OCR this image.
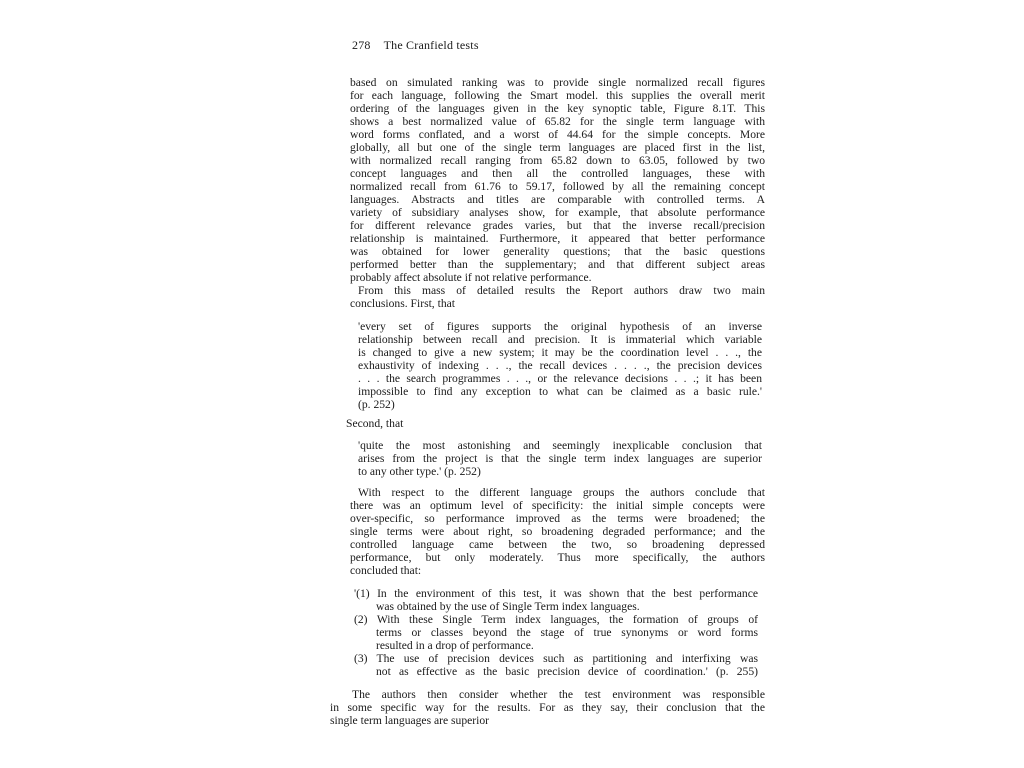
278 The Cranfield tests
based on simulated ranking was to provide single normalized recall figures
for each language, following the Smart model. this supplies the overall merit
ordering of the languages given in the key synoptic table, Figure 8.1T. This
shows a best normalized value of 65.82 for the single term language with
word forms conflated, and a worst of 44.64 for the simple concepts. More
globally, all but one of the single term languages are placed first in the list,
with normalized recall ranging from 65.82 down to 63.05, followed by two
concept languages and then all the controlled languages, these with
normalized recall from 61.76 to 59.17, followed by all the remaining concept
languages. Abstracts and titles are comparable with controlled terms. A
variety of subsidiary analyses show, for example, that absolute performance
for different relevance grades varies, but that the inverse recall/precision
relationship is maintained. Furthermore, it appeared that better performance
was obtained for lower generality questions; that the basic questions
performed better than the supplementary; and that different subject areas
probably affect absolute if not relative performance.
From this mass of detailed results the Report authors draw two main
conclusions. First, that
'every set of figures supports the original hypothesis of an inverse
relationship between recall and precision. It is immaterial which variable
is changed to give a new system; it may be the coordination level . . ., the
exhaustivity of indexing . . ., the recall devices . . . ., the precision devices
. . . the search programmes . . ., or the relevance decisions . . .; it has been
impossible to find any exception to what can be claimed as a basic rule.'
(p. 252)
Second, that
'quite the most astonishing and seemingly inexplicable conclusion that
arises from the project is that the single term index languages are superior
to any other type.' (p. 252)
With respect to the different language groups the authors conclude that
there was an optimum level of specificity: the initial simple concepts were
over-specific, so performance improved as the terms were broadened; the
single terms were about right, so broadening degraded performance; and the
controlled language came between the two, so broadening depressed
performance, but only moderately. Thus more specifically, the authors
concluded that:
'(1) In the environment of this test, it was shown that the best performance
was obtained by the use of Single Term index languages.
(2) With these Single Term index languages, the formation of groups of
terms or classes beyond the stage of true synonyms or word forms
resulted in a drop of performance.
(3) The use of precision devices such as partitioning and interfixing was
not as effective as the basic precision device of coordination.' (p. 255)
The authors then consider whether the test environment was responsible
in some specific way for the results. For as they say, their conclusion that the
single term languages are superior
